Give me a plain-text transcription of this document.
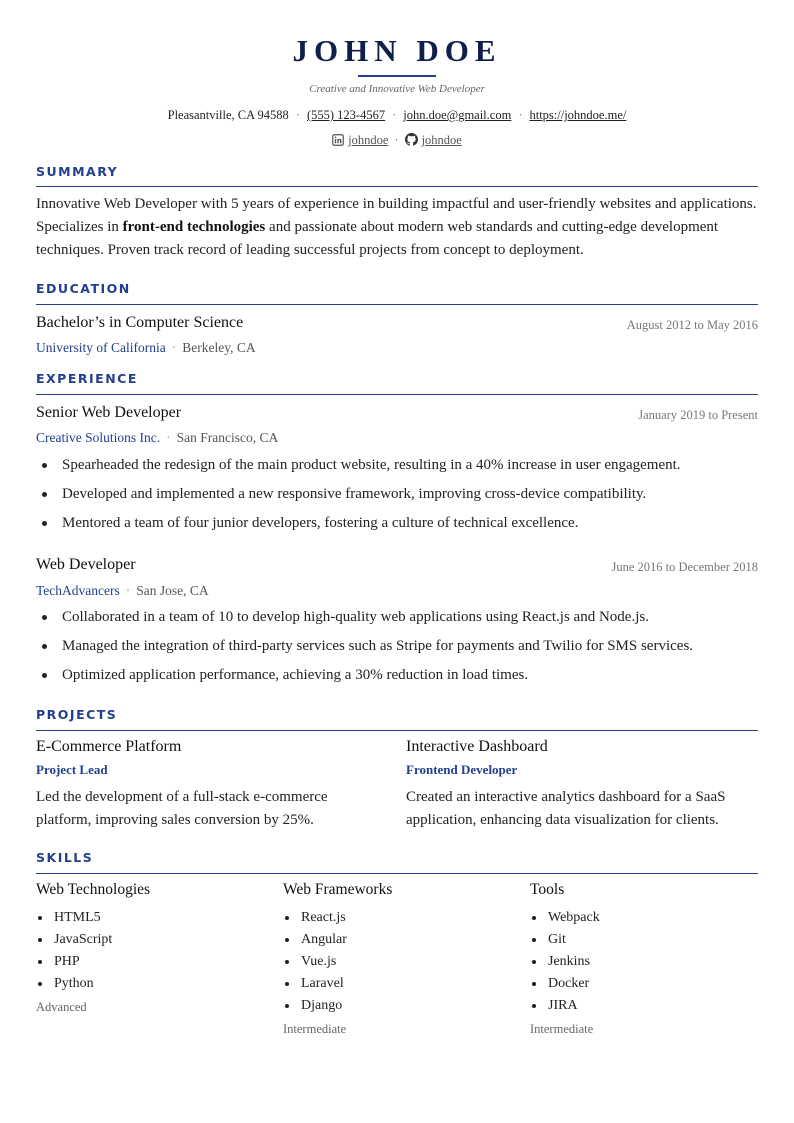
JOHN DOE
Creative and Innovative Web Developer
Pleasantville, CA 94588 · (555) 123-4567 · john.doe@gmail.com · https://johndoe.me/
johndoe · johndoe
SUMMARY
Innovative Web Developer with 5 years of experience in building impactful and user-friendly websites and applications. Specializes in front-end technologies and passionate about modern web standards and cutting-edge development techniques. Proven track record of leading successful projects from concept to deployment.
EDUCATION
Bachelor’s in Computer Science	August 2012 to May 2016
University of California · Berkeley, CA
EXPERIENCE
Senior Web Developer	January 2019 to Present
Creative Solutions Inc. · San Francisco, CA
Spearheaded the redesign of the main product website, resulting in a 40% increase in user engagement.
Developed and implemented a new responsive framework, improving cross-device compatibility.
Mentored a team of four junior developers, fostering a culture of technical excellence.
Web Developer	June 2016 to December 2018
TechAdvancers · San Jose, CA
Collaborated in a team of 10 to develop high-quality web applications using React.js and Node.js.
Managed the integration of third-party services such as Stripe for payments and Twilio for SMS services.
Optimized application performance, achieving a 30% reduction in load times.
PROJECTS
E-Commerce Platform
Project Lead
Led the development of a full-stack e-commerce platform, improving sales conversion by 25%.
Interactive Dashboard
Frontend Developer
Created an interactive analytics dashboard for a SaaS application, enhancing data visualization for clients.
SKILLS
Web Technologies
HTML5
JavaScript
PHP
Python
Advanced
Web Frameworks
React.js
Angular
Vue.js
Laravel
Django
Intermediate
Tools
Webpack
Git
Jenkins
Docker
JIRA
Intermediate
